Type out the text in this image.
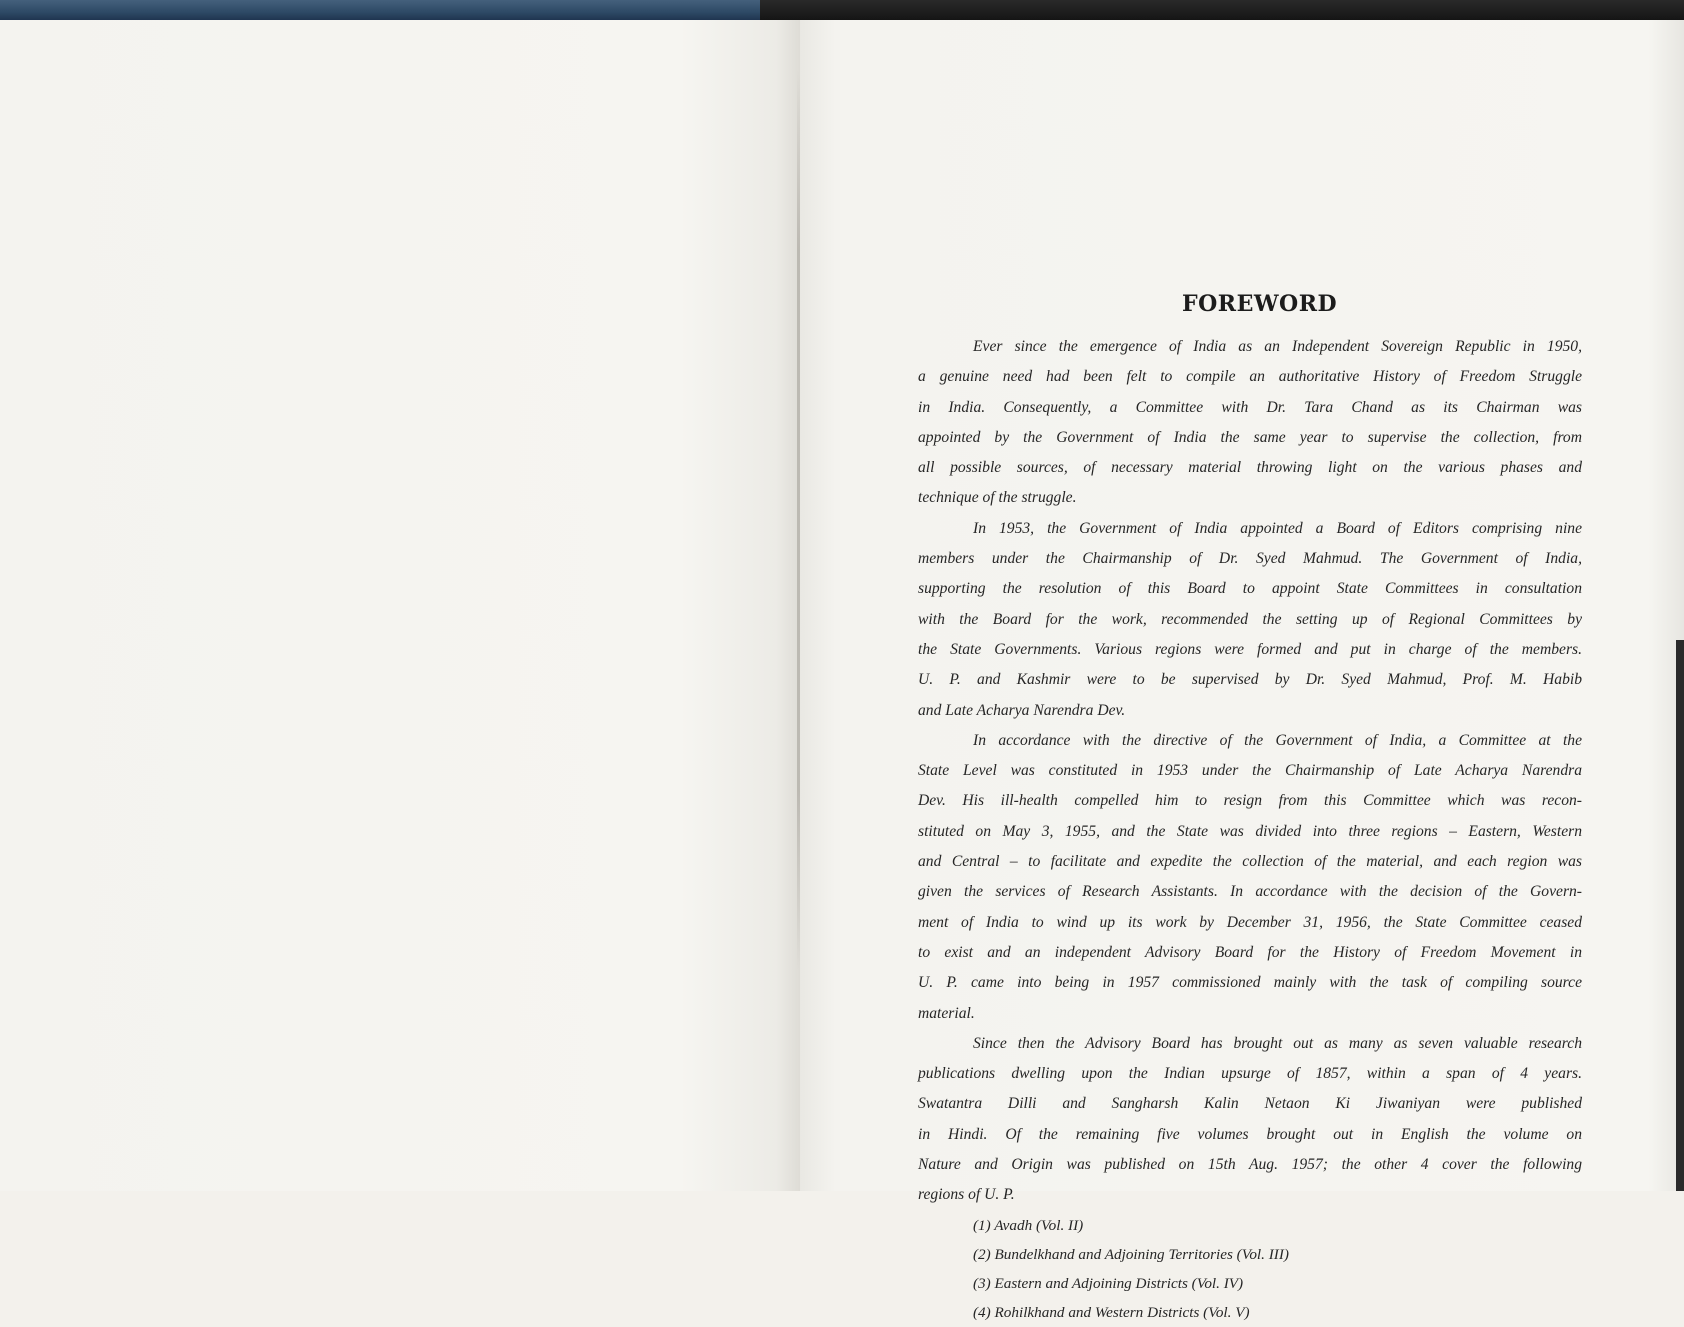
FOREWORD
Ever since the emergence of India as an Independent Sovereign Republic in 1950,
a genuine need had been felt to compile an authoritative History of Freedom Struggle
in India. Consequently, a Committee with Dr. Tara Chand as its Chairman was
appointed by the Government of India the same year to supervise the collection, from
all possible sources, of necessary material throwing light on the various phases and
technique of the struggle.
In 1953, the Government of India appointed a Board of Editors comprising nine
members under the Chairmanship of Dr. Syed Mahmud. The Government of India,
supporting the resolution of this Board to appoint State Committees in consultation
with the Board for the work, recommended the setting up of Regional Committees by
the State Governments. Various regions were formed and put in charge of the members.
U. P. and Kashmir were to be supervised by Dr. Syed Mahmud, Prof. M. Habib
and Late Acharya Narendra Dev.
In accordance with the directive of the Government of India, a Committee at the
State Level was constituted in 1953 under the Chairmanship of Late Acharya Narendra
Dev. His ill-health compelled him to resign from this Committee which was recon-
stituted on May 3, 1955, and the State was divided into three regions – Eastern, Western
and Central – to facilitate and expedite the collection of the material, and each region was
given the services of Research Assistants. In accordance with the decision of the Govern-
ment of India to wind up its work by December 31, 1956, the State Committee ceased
to exist and an independent Advisory Board for the History of Freedom Movement in
U. P. came into being in 1957 commissioned mainly with the task of compiling source
material.
Since then the Advisory Board has brought out as many as seven valuable research
publications dwelling upon the Indian upsurge of 1857, within a span of 4 years.
Swatantra Dilli and Sangharsh Kalin Netaon Ki Jiwaniyan were published
in Hindi. Of the remaining five volumes brought out in English the volume on
Nature and Origin was published on 15th Aug. 1957; the other 4 cover the following
regions of U. P.
(1) Avadh (Vol. II)
(2) Bundelkhand and Adjoining Territories (Vol. III)
(3) Eastern and Adjoining Districts (Vol. IV)
(4) Rohilkhand and Western Districts (Vol. V)
